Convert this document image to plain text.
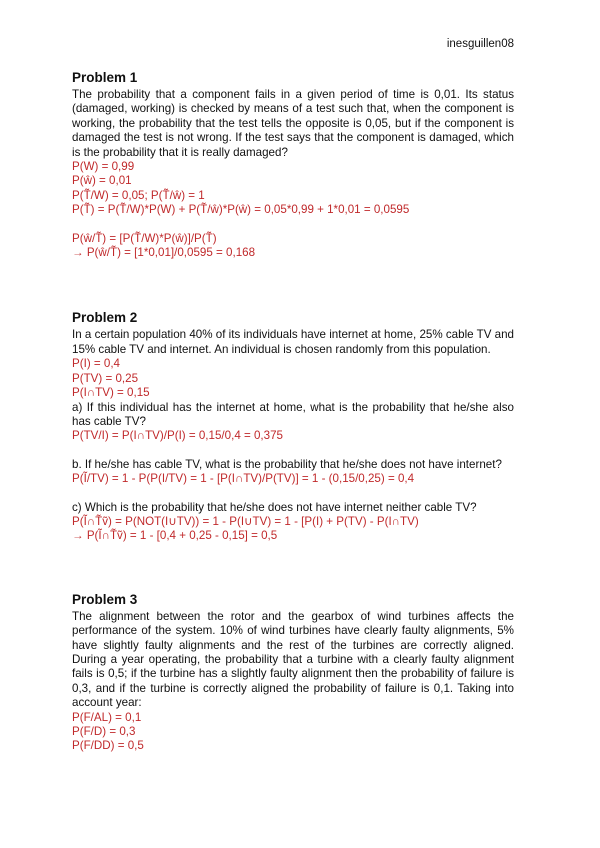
inesguillen08
Problem 1

The probability that a component fails in a given period of time is 0,01. Its status (damaged, working) is checked by means of a test such that, when the component is working, the probability that the test tells the opposite is 0,05, but if the component is damaged the test is not wrong. If the test says that the component is damaged, which is the probability that it is really damaged?

P(W) = 0,99
P(ŵ) = 0,01
P(T̃/W) = 0,05; P(T̃/ŵ) = 1
P(T̃) = P(T̃/W)*P(W) + P(T̃/ŵ)*P(ŵ) = 0,05*0,99 + 1*0,01 = 0,0595
P(ŵ/T̃) = [P(T̃/W)*P(ŵ)]/P(T̃)
→ P(ŵ/T̃) = [1*0,01]/0,0595 = 0,168
Problem 2

In a certain population 40% of its individuals have internet at home, 25% cable TV and 15% cable TV and internet. An individual is chosen randomly from this population.

P(I) = 0,4
P(TV) = 0,25
P(I∩TV) = 0,15

a) If this individual has the internet at home, what is the probability that he/she also has cable TV?

P(TV/I) = P(I∩TV)/P(I) = 0,15/0,4 = 0,375

b. If he/she has cable TV, what is the probability that he/she does not have internet?

P(Ĩ/TV) = 1 - P(P(I/TV) = 1 - [P(I∩TV)/P(TV)] = 1 - (0,15/0,25) = 0,4

c) Which is the probability that he/she does not have internet neither cable TV?

P(Ĩ∩T̃ṽ) = P(NOT(I∪TV)) = 1 - P(I∪TV) = 1 - [P(I) + P(TV) - P(I∩TV)
→ P(Ĩ∩T̃ṽ) = 1 - [0,4 + 0,25 - 0,15] = 0,5
Problem 3

The alignment between the rotor and the gearbox of wind turbines affects the performance of the system. 10% of wind turbines have clearly faulty alignments, 5% have slightly faulty alignments and the rest of the turbines are correctly aligned. During a year operating, the probability that a turbine with a clearly faulty alignment fails is 0,5; if the turbine has a slightly faulty alignment then the probability of failure is 0,3, and if the turbine is correctly aligned the probability of failure is 0,1. Taking into account year:

P(F/AL) = 0,1
P(F/D) = 0,3
P(F/DD) = 0,5
